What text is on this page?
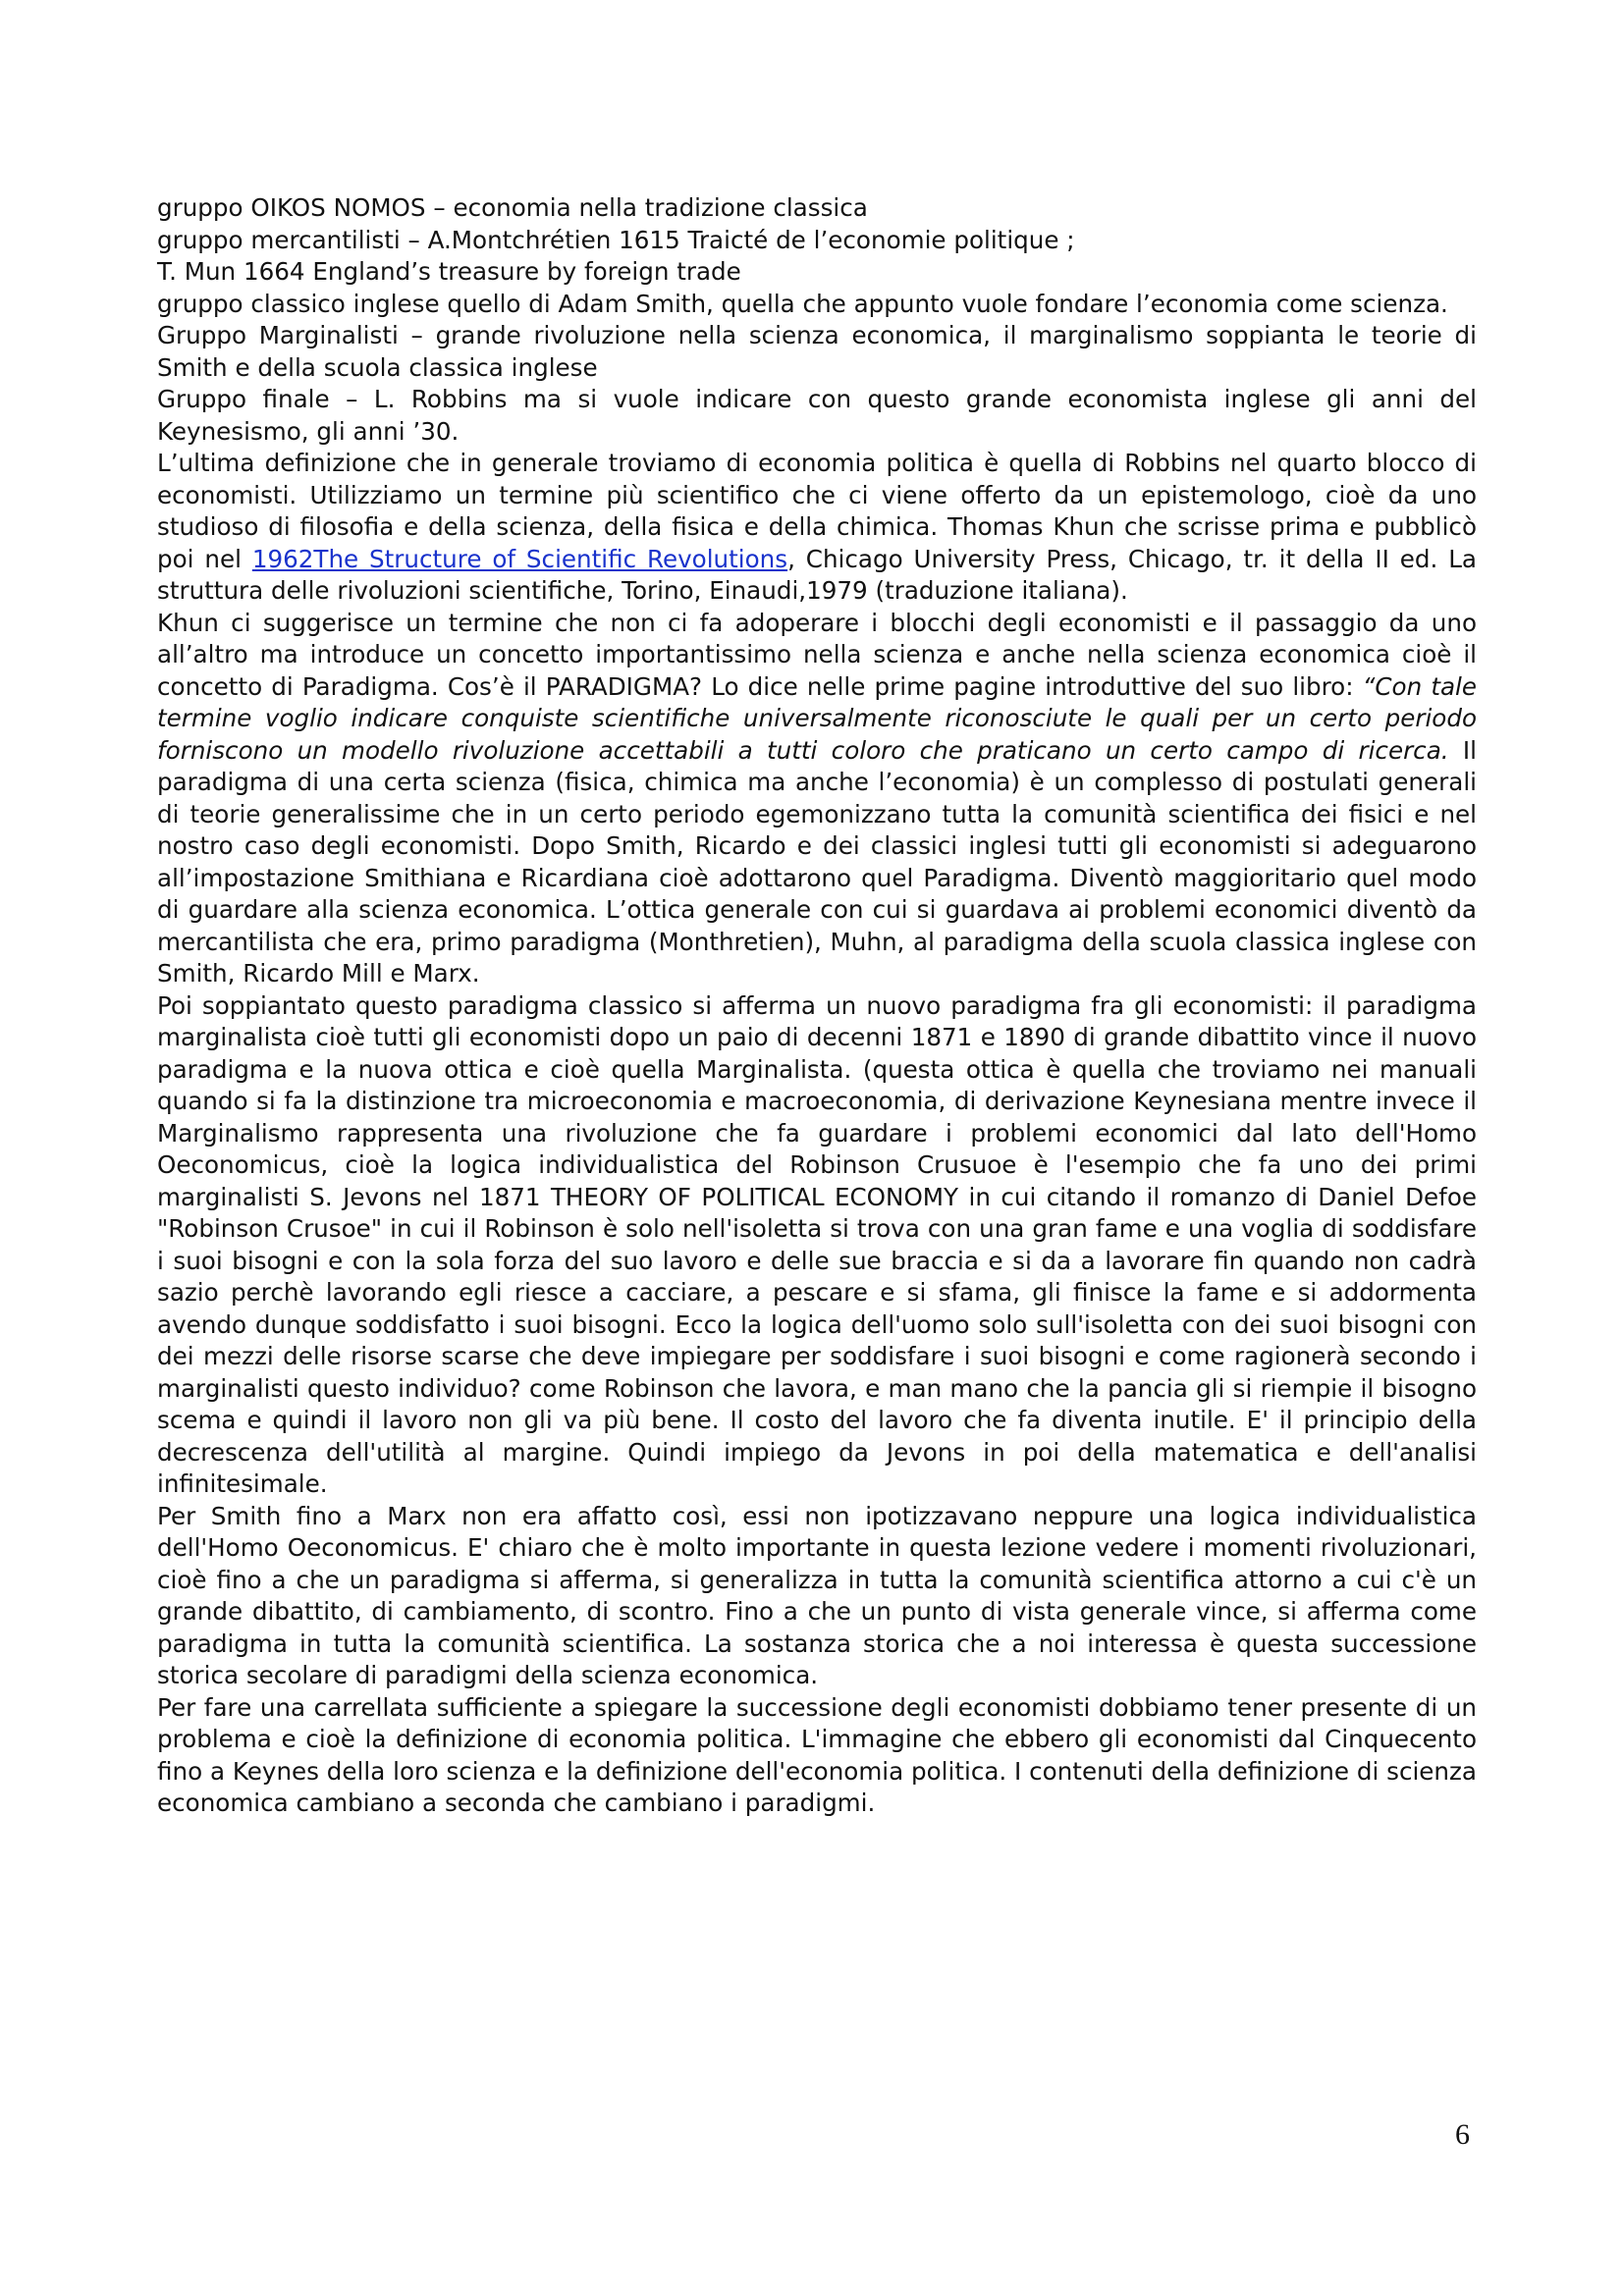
gruppo OIKOS NOMOS – economia nella tradizione classica
gruppo mercantilisti – A.Montchrétien 1615 Traicté de l’economie politique ;
T. Mun 1664 England’s treasure by foreign trade
gruppo classico inglese quello di Adam Smith, quella che appunto vuole fondare l’economia come scienza.
Gruppo Marginalisti – grande rivoluzione nella scienza economica, il marginalismo soppianta le teorie di Smith e della scuola classica inglese
Gruppo finale – L. Robbins ma si vuole indicare con questo grande economista inglese gli anni del Keynesismo, gli anni ’30.
L’ultima definizione che in generale troviamo di economia politica è quella di Robbins nel quarto blocco di economisti. Utilizziamo un termine più scientifico che ci viene offerto da un epistemologo, cioè da uno studioso di filosofia e della scienza, della fisica e della chimica. Thomas Khun che scrisse prima e pubblicò poi nel 1962The Structure of Scientific Revolutions, Chicago University Press, Chicago, tr. it della II ed. La struttura delle rivoluzioni scientifiche, Torino, Einaudi,1979 (traduzione italiana).
Khun ci suggerisce un termine che non ci fa adoperare i blocchi degli economisti e il passaggio da uno all’altro ma introduce un concetto importantissimo nella scienza e anche nella scienza economica cioè il concetto di Paradigma. Cos’è il PARADIGMA? Lo dice nelle prime pagine introduttive del suo libro: “Con tale termine voglio indicare conquiste scientifiche universalmente riconosciute le quali per un certo periodo forniscono un modello rivoluzione accettabili a tutti coloro che praticano un certo campo di ricerca. Il paradigma di una certa scienza (fisica, chimica ma anche l’economia) è un complesso di postulati generali di teorie generalissime che in un certo periodo egemonizzano tutta la comunità scientifica dei fisici e nel nostro caso degli economisti. Dopo Smith, Ricardo e dei classici inglesi tutti gli economisti si adeguarono all’impostazione Smithiana e Ricardiana cioè adottarono quel Paradigma. Diventò maggioritario quel modo di guardare alla scienza economica. L’ottica generale con cui si guardava ai problemi economici diventò da mercantilista che era, primo paradigma (Monthretien), Muhn, al paradigma della scuola classica inglese con Smith, Ricardo Mill e Marx.
Poi soppiantato questo paradigma classico si afferma un nuovo paradigma fra gli economisti: il paradigma marginalista cioè tutti gli economisti dopo un paio di decenni 1871 e 1890 di grande dibattito vince il nuovo paradigma e la nuova ottica e cioè quella Marginalista. (questa ottica è quella che troviamo nei manuali quando si fa la distinzione tra microeconomia e macroeconomia, di derivazione Keynesiana mentre invece il Marginalismo rappresenta una rivoluzione che fa guardare i problemi economici dal lato dell'Homo Oeconomicus, cioè la logica individualistica del Robinson Crusuoe è l'esempio che fa uno dei primi marginalisti S. Jevons nel 1871 THEORY OF POLITICAL ECONOMY in cui citando il romanzo di Daniel Defoe "Robinson Crusoe" in cui il Robinson è solo nell'isoletta si trova con una gran fame e una voglia di soddisfare i suoi bisogni e con la sola forza del suo lavoro e delle sue braccia e si da a lavorare fin quando non cadrà sazio perchè lavorando egli riesce a cacciare, a pescare e si sfama, gli finisce la fame e si addormenta avendo dunque soddisfatto i suoi bisogni. Ecco la logica dell'uomo solo sull'isoletta con dei suoi bisogni con dei mezzi delle risorse scarse che deve impiegare per soddisfare i suoi bisogni e come ragionerà secondo i marginalisti questo individuo? come Robinson che lavora, e man mano che la pancia gli si riempie il bisogno scema e quindi il lavoro non gli va più bene. Il costo del lavoro che fa diventa inutile. E' il principio della decrescenza dell'utilità al margine. Quindi impiego da Jevons in poi della matematica e dell'analisi infinitesimale.
Per Smith fino a Marx non era affatto così, essi non ipotizzavano neppure una logica individualistica dell'Homo Oeconomicus. E' chiaro che è molto importante in questa lezione vedere i momenti rivoluzionari, cioè fino a che un paradigma si afferma, si generalizza in tutta la comunità scientifica attorno a cui c'è un grande dibattito, di cambiamento, di scontro. Fino a che un punto di vista generale vince, si afferma come paradigma in tutta la comunità scientifica. La sostanza storica che a noi interessa è questa successione storica secolare di paradigmi della scienza economica.
Per fare una carrellata sufficiente a spiegare la successione degli economisti dobbiamo tener presente di un problema e cioè la definizione di economia politica. L'immagine che ebbero gli economisti dal Cinquecento fino a Keynes della loro scienza e la definizione dell'economia politica. I contenuti della definizione di scienza economica cambiano a seconda che cambiano i paradigmi.
6
